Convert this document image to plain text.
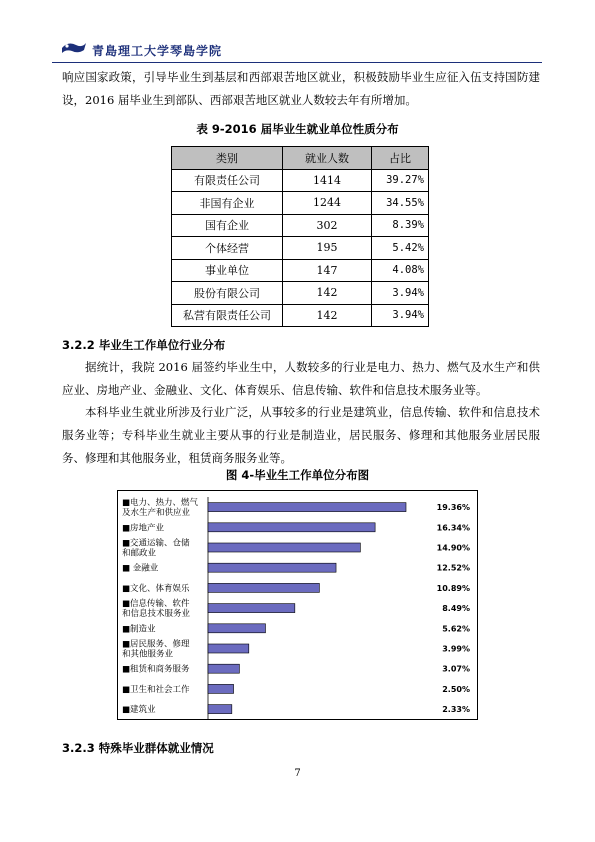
青島理工大学琴島学院
响应国家政策，引导毕业生到基层和西部艰苦地区就业，积极鼓励毕业生应征入伍支持国防建设，2016 届毕业生到部队、西部艰苦地区就业人数较去年有所增加。
表 9-2016 届毕业生就业单位性质分布
类别	就业人数	占比
有限责任公司	1414	39.27%
非国有企业	1244	34.55%
国有企业	302	8.39%
个体经营	195	5.42%
事业单位	147	4.08%
股份有限公司	142	3.94%
私营有限责任公司	142	3.94%
3.2.2 毕业生工作单位行业分布
据统计，我院 2016 届签约毕业生中，人数较多的行业是电力、热力、燃气及水生产和供应业、房地产业、金融业、文化、体育娱乐、信息传输、软件和信息技术服务业等。
本科毕业生就业所涉及行业广泛，从事较多的行业是建筑业，信息传输、软件和信息技术服务业等；专科毕业生就业主要从事的行业是制造业，居民服务、修理和其他服务业居民服务、修理和其他服务业，租赁商务服务业等。
图 4-毕业生工作单位分布图
■电力、热力、燃气及水生产和供应业
19.36%
■房地产业	16.34%
■交通运输、仓储和邮政业
14.90%
■ 金融业	12.52%
■文化、体育娱乐	10.89%
■信息传输、软件和信息技术服务业
8.49%
■制造业	5.62%
■居民服务、修理和其他服务业
3.99%
■租赁和商务服务	3.07%
■卫生和社会工作	2.50%
■建筑业	2.33%
3.2.3 特殊毕业群体就业情况
7
